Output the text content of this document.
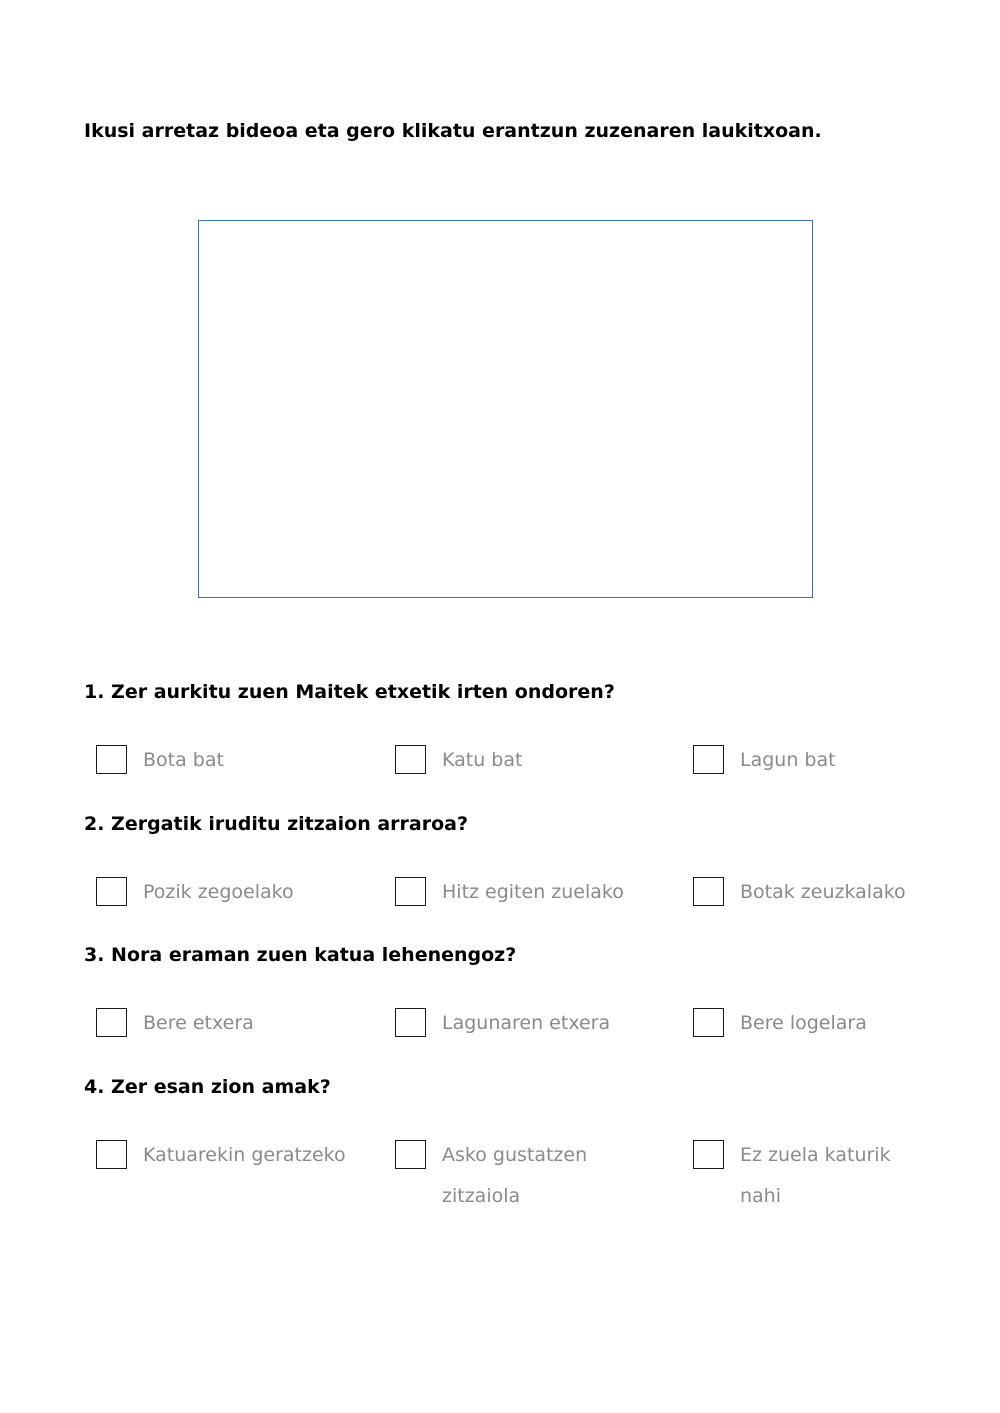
Ikusi arretaz bideoa eta gero klikatu erantzun zuzenaren laukitxoan.
1. Zer aurkitu zuen Maitek etxetik irten ondoren?
Bota bat	Katu bat	Lagun bat
2. Zergatik iruditu zitzaion arraroa?
Pozik zegoelako	Hitz egiten zuelako	Botak zeuzkalako
3. Nora eraman zuen katua lehenengoz?
Bere etxera	Lagunaren etxera	Bere logelara
4. Zer esan zion amak?
Katuarekin geratzeko	Asko gustatzen zitzaiola
Ez zuela katurik nahi
